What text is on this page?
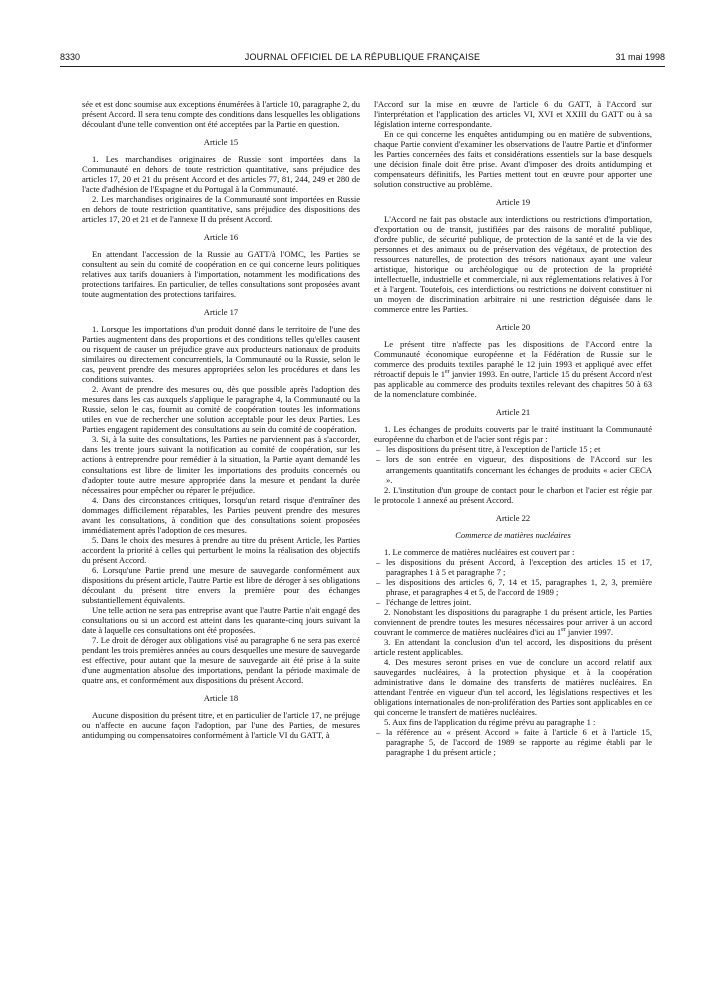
8330	JOURNAL OFFICIEL DE LA RÉPUBLIQUE FRANÇAISE	31 mai 1998

sée et est donc soumise aux exceptions énumérées à l'article 10, paragraphe 2, du présent Accord. Il sera tenu compte des conditions dans lesquelles les obligations découlant d'une telle convention ont été acceptées par la Partie en question.

Article 15

1. Les marchandises originaires de Russie sont importées dans la Communauté en dehors de toute restriction quantitative, sans préjudice des articles 17, 20 et 21 du présent Accord et des articles 77, 81, 244, 249 et 280 de l'acte d'adhésion de l'Espagne et du Portugal à la Communauté.

2. Les marchandises originaires de la Communauté sont importées en Russie en dehors de toute restriction quantitative, sans préjudice des dispositions des articles 17, 20 et 21 et de l'annexe II du présent Accord.

Article 16

En attendant l'accession de la Russie au GATT/à l'OMC, les Parties se consultent au sein du comité de coopération en ce qui concerne leurs politiques relatives aux tarifs douaniers à l'importation, notamment les modifications des protections tarifaires. En particulier, de telles consultations sont proposées avant toute augmentation des protections tarifaires.

Article 17

1. Lorsque les importations d'un produit donné dans le territoire de l'une des Parties augmentent dans des proportions et des conditions telles qu'elles causent ou risquent de causer un préjudice grave aux producteurs nationaux de produits similaires ou directement concurrentiels, la Communauté ou la Russie, selon le cas, peuvent prendre des mesures appropriées selon les procédures et dans les conditions suivantes.

2. Avant de prendre des mesures ou, dès que possible après l'adoption des mesures dans les cas auxquels s'applique le paragraphe 4, la Communauté ou la Russie, selon le cas, fournit au comité de coopération toutes les informations utiles en vue de rechercher une solution acceptable pour les deux Parties. Les Parties engagent rapidement des consultations au sein du comité de coopération.

3. Si, à la suite des consultations, les Parties ne parviennent pas à s'accorder, dans les trente jours suivant la notification au comité de coopération, sur les actions à entreprendre pour remédier à la situation, la Partie ayant demandé les consultations est libre de limiter les importations des produits concernés ou d'adopter toute autre mesure appropriée dans la mesure et pendant la durée nécessaires pour empêcher ou réparer le préjudice.

4. Dans des circonstances critiques, lorsqu'un retard risque d'entraîner des dommages difficilement réparables, les Parties peuvent prendre des mesures avant les consultations, à condition que des consultations soient proposées immédiatement après l'adoption de ces mesures.

5. Dans le choix des mesures à prendre au titre du présent Article, les Parties accordent la priorité à celles qui perturbent le moins la réalisation des objectifs du présent Accord.

6. Lorsqu'une Partie prend une mesure de sauvegarde conformément aux dispositions du présent article, l'autre Partie est libre de déroger à ses obligations découlant du présent titre envers la première pour des échanges substantiellement équivalents.

Une telle action ne sera pas entreprise avant que l'autre Partie n'ait engagé des consultations ou si un accord est atteint dans les quarante-cinq jours suivant la date à laquelle ces consultations ont été proposées.

7. Le droit de déroger aux obligations visé au paragraphe 6 ne sera pas exercé pendant les trois premières années au cours desquelles une mesure de sauvegarde est effective, pour autant que la mesure de sauvegarde ait été prise à la suite d'une augmentation absolue des importations, pendant la période maximale de quatre ans, et conformément aux dispositions du présent Accord.

Article 18

Aucune disposition du présent titre, et en particulier de l'article 17, ne préjuge ou n'affecte en aucune façon l'adoption, par l'une des Parties, de mesures antidumping ou compensatoires conformément à l'article VI du GATT, à

l'Accord sur la mise en œuvre de l'article 6 du GATT, à l'Accord sur l'interprétation et l'application des articles VI, XVI et XXIII du GATT ou à sa législation interne correspondante.

En ce qui concerne les enquêtes antidumping ou en matière de subventions, chaque Partie convient d'examiner les observations de l'autre Partie et d'informer les Parties concernées des faits et considérations essentiels sur la base desquels une décision finale doit être prise. Avant d'imposer des droits antidumping et compensateurs définitifs, les Parties mettent tout en œuvre pour apporter une solution constructive au problème.

Article 19

L'Accord ne fait pas obstacle aux interdictions ou restrictions d'importation, d'exportation ou de transit, justifiées par des raisons de moralité publique, d'ordre public, de sécurité publique, de protection de la santé et de la vie des personnes et des animaux ou de préservation des végétaux, de protection des ressources naturelles, de protection des trésors nationaux ayant une valeur artistique, historique ou archéologique ou de protection de la propriété intellectuelle, industrielle et commerciale, ni aux réglementations relatives à l'or et à l'argent. Toutefois, ces interdictions ou restrictions ne doivent constituer ni un moyen de discrimination arbitraire ni une restriction déguisée dans le commerce entre les Parties.

Article 20

Le présent titre n'affecte pas les dispositions de l'Accord entre la Communauté économique européenne et la Fédération de Russie sur le commerce des produits textiles paraphé le 12 juin 1993 et appliqué avec effet rétroactif depuis le 1er janvier 1993. En outre, l'article 15 du présent Accord n'est pas applicable au commerce des produits textiles relevant des chapitres 50 à 63 de la nomenclature combinée.

Article 21

1. Les échanges de produits couverts par le traité instituant la Communauté européenne du charbon et de l'acier sont régis par :

– les dispositions du présent titre, à l'exception de l'article 15 ; et

– lors de son entrée en vigueur, des dispositions de l'Accord sur les arrangements quantitatifs concernant les échanges de produits « acier CECA ».

2. L'institution d'un groupe de contact pour le charbon et l'acier est régie par le protocole 1 annexé au présent Accord.

Article 22

Commerce de matières nucléaires

1. Le commerce de matières nucléaires est couvert par :

– les dispositions du présent Accord, à l'exception des articles 15 et 17, paragraphes 1 à 5 et paragraphe 7 ;

– les dispositions des articles 6, 7, 14 et 15, paragraphes 1, 2, 3, première phrase, et paragraphes 4 et 5, de l'accord de 1989 ;

– l'échange de lettres joint.

2. Nonobstant les dispositions du paragraphe 1 du présent article, les Parties conviennent de prendre toutes les mesures nécessaires pour arriver à un accord couvrant le commerce de matières nucléaires d'ici au 1er janvier 1997.

3. En attendant la conclusion d'un tel accord, les dispositions du présent article restent applicables.

4. Des mesures seront prises en vue de conclure un accord relatif aux sauvegardes nucléaires, à la protection physique et à la coopération administrative dans le domaine des transferts de matières nucléaires. En attendant l'entrée en vigueur d'un tel accord, les législations respectives et les obligations internationales de non-prolifération des Parties sont applicables en ce qui concerne le transfert de matières nucléaires.

5. Aux fins de l'application du régime prévu au paragraphe 1 :

– la référence au « présent Accord » faite à l'article 6 et à l'article 15, paragraphe 5, de l'accord de 1989 se rapporte au régime établi par le paragraphe 1 du présent article ;
